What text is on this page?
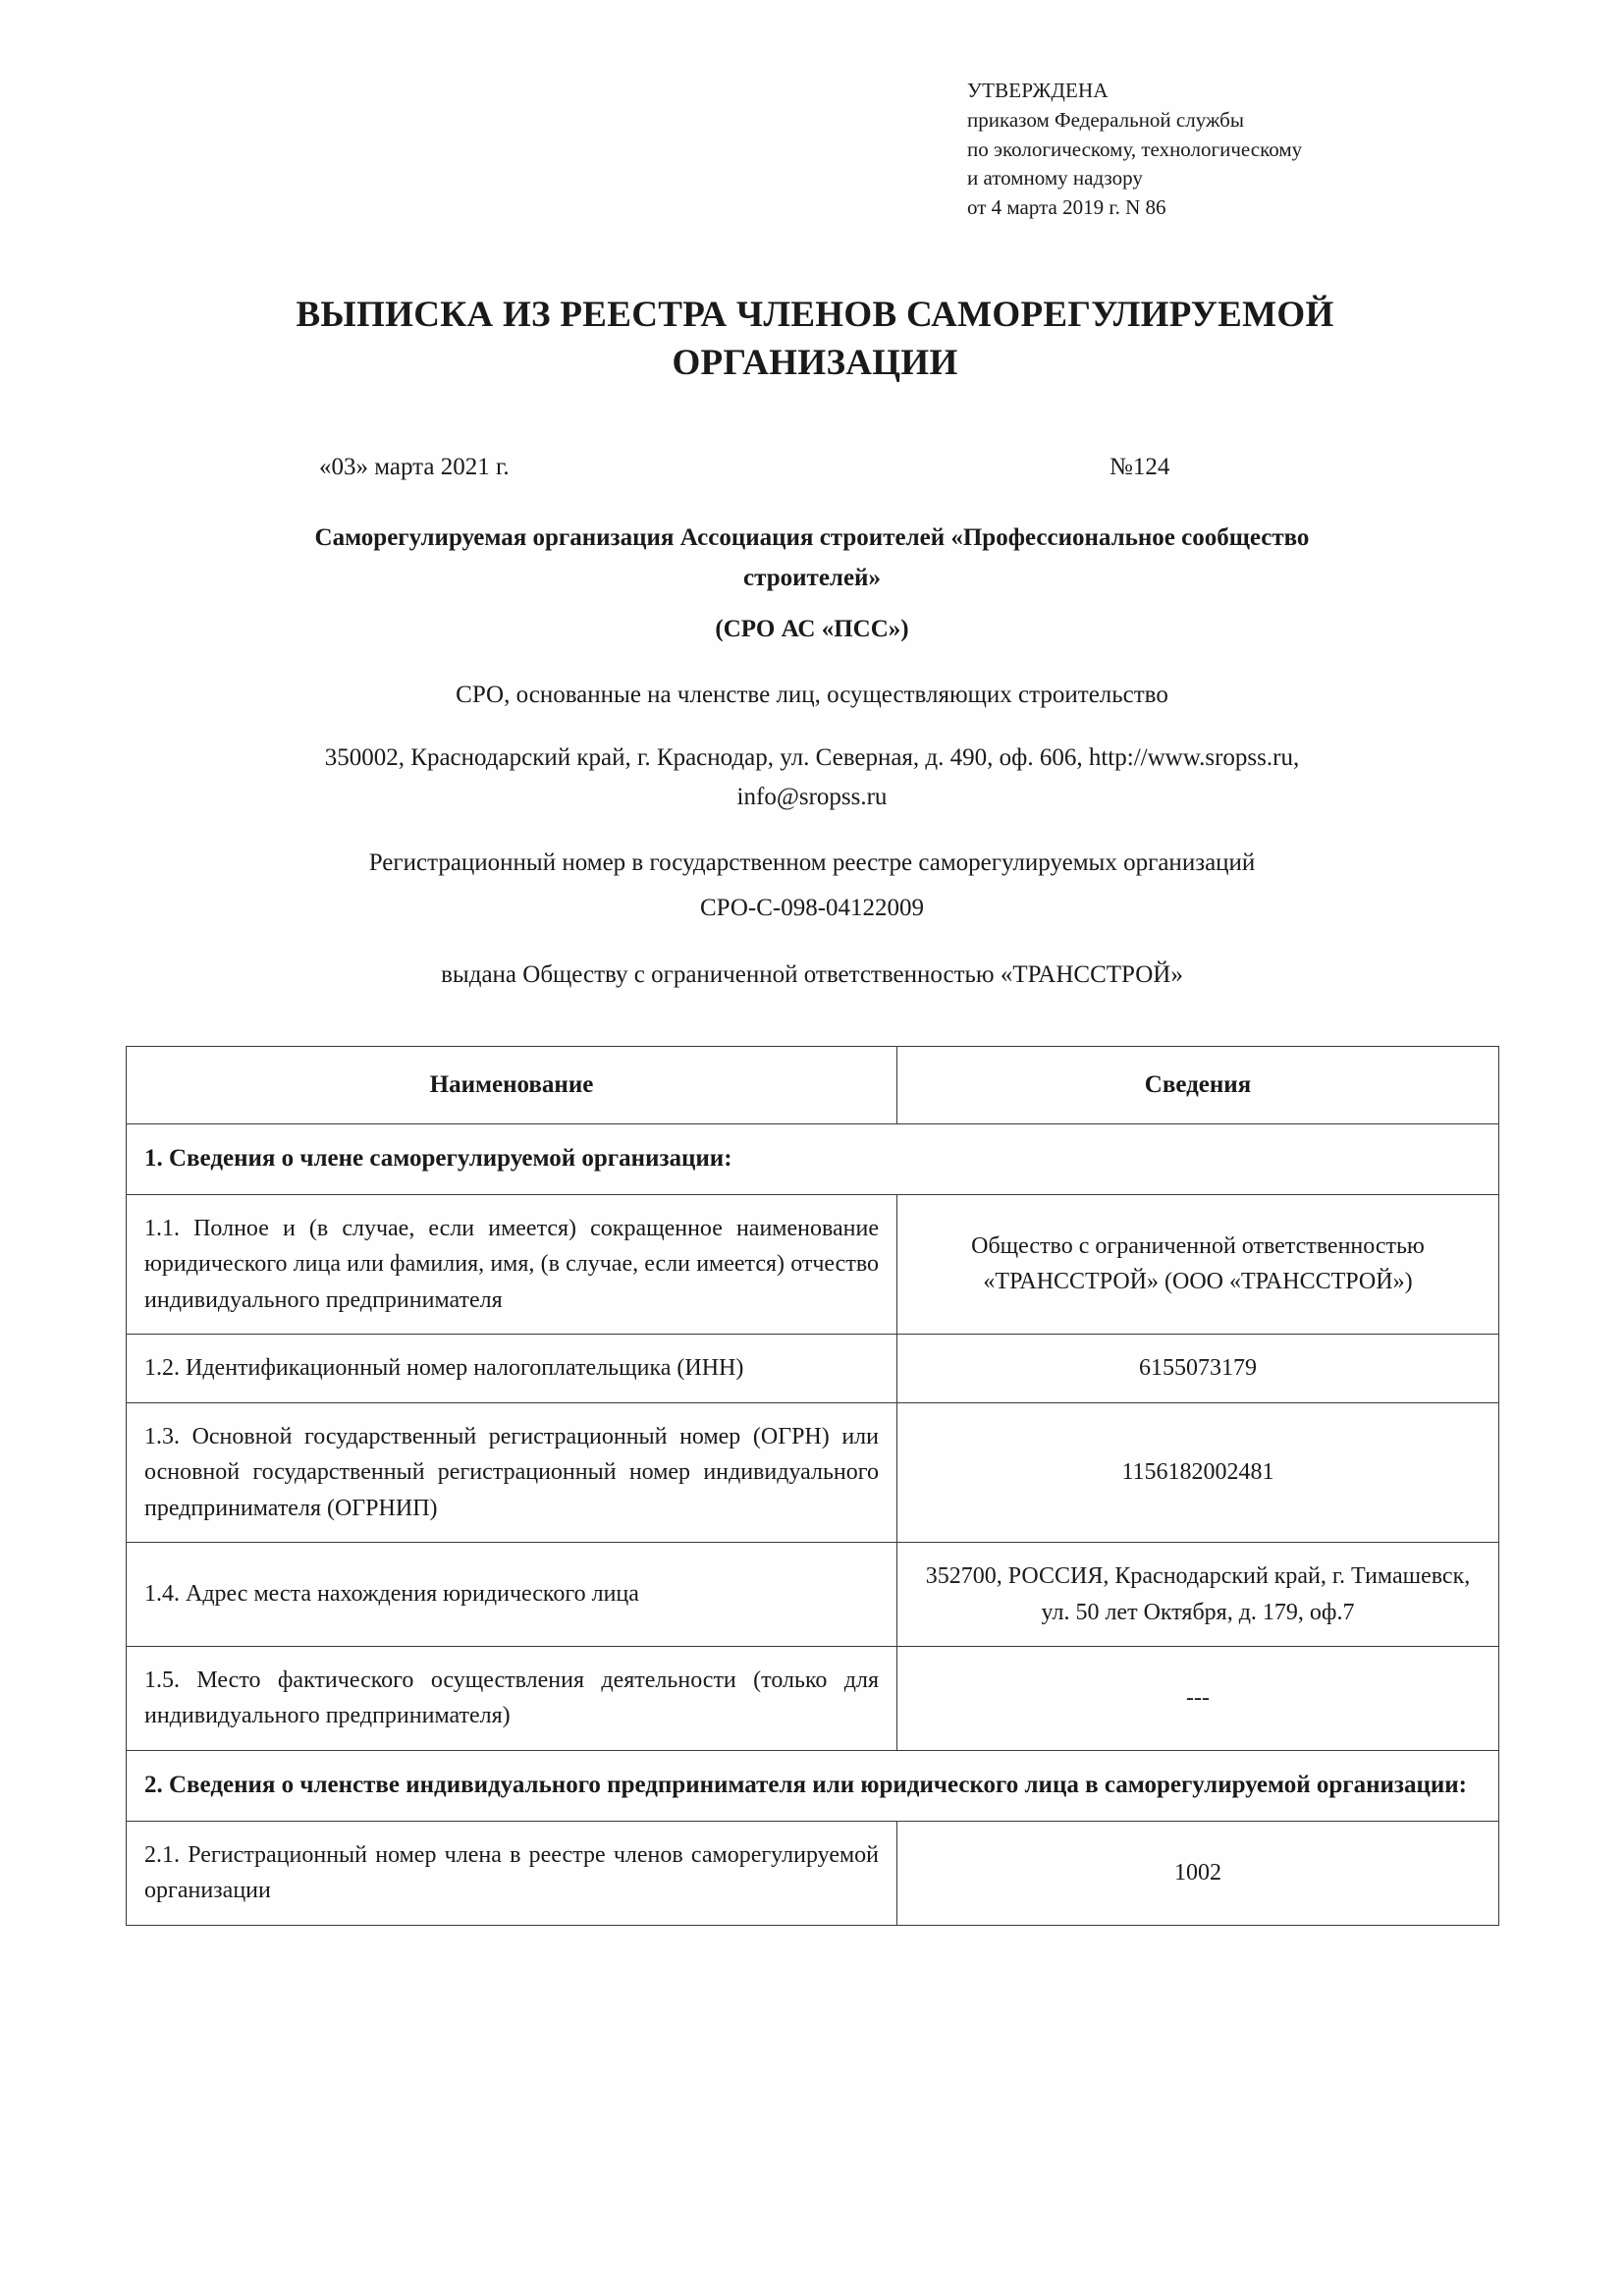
УТВЕРЖДЕНА
приказом Федеральной службы
по экологическому, технологическому
и атомному надзору
от 4 марта 2019 г. N 86
ВЫПИСКА ИЗ РЕЕСТРА ЧЛЕНОВ САМОРЕГУЛИРУЕМОЙ
ОРГАНИЗАЦИИ
«03» марта 2021 г.	№124
Саморегулируемая организация Ассоциация строителей «Профессиональное сообщество
строителей»
(СРО АС «ПСС»)
СРО, основанные на членстве лиц, осуществляющих строительство
350002, Краснодарский край, г. Краснодар, ул. Северная, д. 490, оф. 606, http://www.sropss.ru,
info@sropss.ru
Регистрационный номер в государственном реестре саморегулируемых организаций
СРО-С-098-04122009
выдана Обществу с ограниченной ответственностью «ТРАНССТРОЙ»
Наименование	Сведения
1. Сведения о члене саморегулируемой организации:	
1.1. Полное и (в случае, если имеется) сокращенное наименование юридического лица или фамилия, имя, (в случае, если имеется) отчество индивидуального предпринимателя	Общество с ограниченной ответственностью «ТРАНССТРОЙ» (ООО «ТРАНССТРОЙ»)
1.2. Идентификационный номер налогоплательщика (ИНН)	6155073179
1.3. Основной государственный регистрационный номер (ОГРН) или основной государственный регистрационный номер индивидуального предпринимателя (ОГРНИП)	1156182002481
1.4. Адрес места нахождения юридического лица	352700, РОССИЯ, Краснодарский край, г. Тимашевск, ул. 50 лет Октября, д. 179, оф.7
1.5. Место фактического осуществления деятельности (только для индивидуального предпринимателя)	---
2. Сведения о членстве индивидуального предпринимателя или юридического лица в саморегулируемой организации:	
2.1. Регистрационный номер члена в реестре членов саморегулируемой организации	1002
